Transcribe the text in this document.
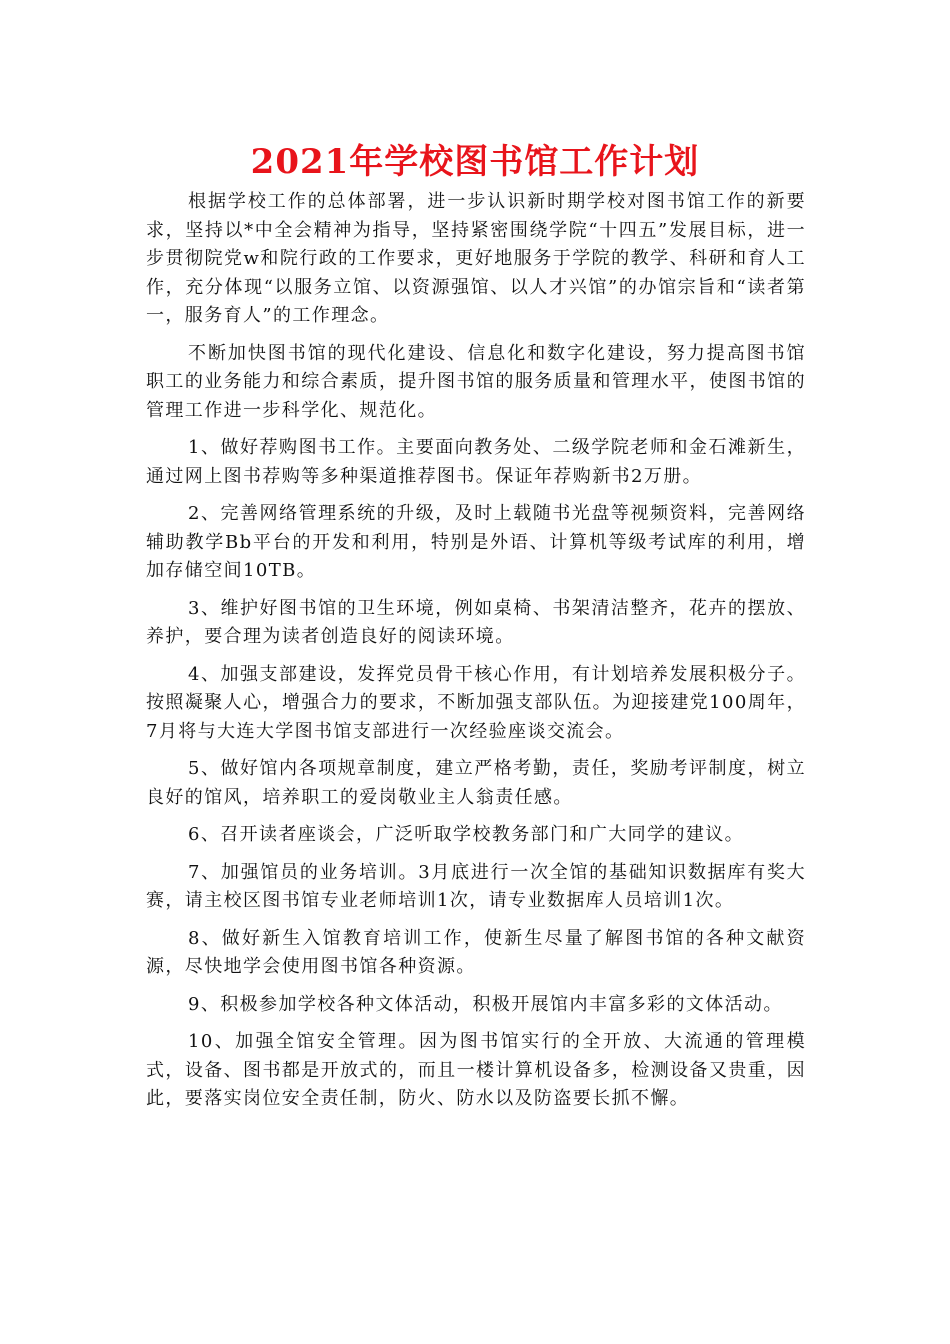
2021年学校图书馆工作计划

根据学校工作的总体部署，进一步认识新时期学校对图书馆工作的新要求，坚持以*中全会精神为指导，坚持紧密围绕学院“十四五”发展目标，进一步贯彻院党w和院行政的工作要求，更好地服务于学院的教学、科研和育人工作，充分体现“以服务立馆、以资源强馆、以人才兴馆”的办馆宗旨和“读者第一，服务育人”的工作理念。

不断加快图书馆的现代化建设、信息化和数字化建设，努力提高图书馆职工的业务能力和综合素质，提升图书馆的服务质量和管理水平，使图书馆的管理工作进一步科学化、规范化。

1、做好荐购图书工作。主要面向教务处、二级学院老师和金石滩新生，通过网上图书荐购等多种渠道推荐图书。保证年荐购新书2万册。

2、完善网络管理系统的升级，及时上载随书光盘等视频资料，完善网络辅助教学Bb平台的开发和利用，特别是外语、计算机等级考试库的利用，增加存储空间10TB。

3、维护好图书馆的卫生环境，例如桌椅、书架清洁整齐，花卉的摆放、养护，要合理为读者创造良好的阅读环境。

4、加强支部建设，发挥党员骨干核心作用，有计划培养发展积极分子。按照凝聚人心，增强合力的要求，不断加强支部队伍。为迎接建党100周年，7月将与大连大学图书馆支部进行一次经验座谈交流会。

5、做好馆内各项规章制度，建立严格考勤，责任，奖励考评制度，树立良好的馆风，培养职工的爱岗敬业主人翁责任感。

6、召开读者座谈会，广泛听取学校教务部门和广大同学的建议。

7、加强馆员的业务培训。3月底进行一次全馆的基础知识数据库有奖大赛，请主校区图书馆专业老师培训1次，请专业数据库人员培训1次。

8、做好新生入馆教育培训工作，使新生尽量了解图书馆的各种文献资源，尽快地学会使用图书馆各种资源。

9、积极参加学校各种文体活动，积极开展馆内丰富多彩的文体活动。

10、加强全馆安全管理。因为图书馆实行的全开放、大流通的管理模式，设备、图书都是开放式的，而且一楼计算机设备多，检测设备又贵重，因此，要落实岗位安全责任制，防火、防水以及防盗要长抓不懈。
